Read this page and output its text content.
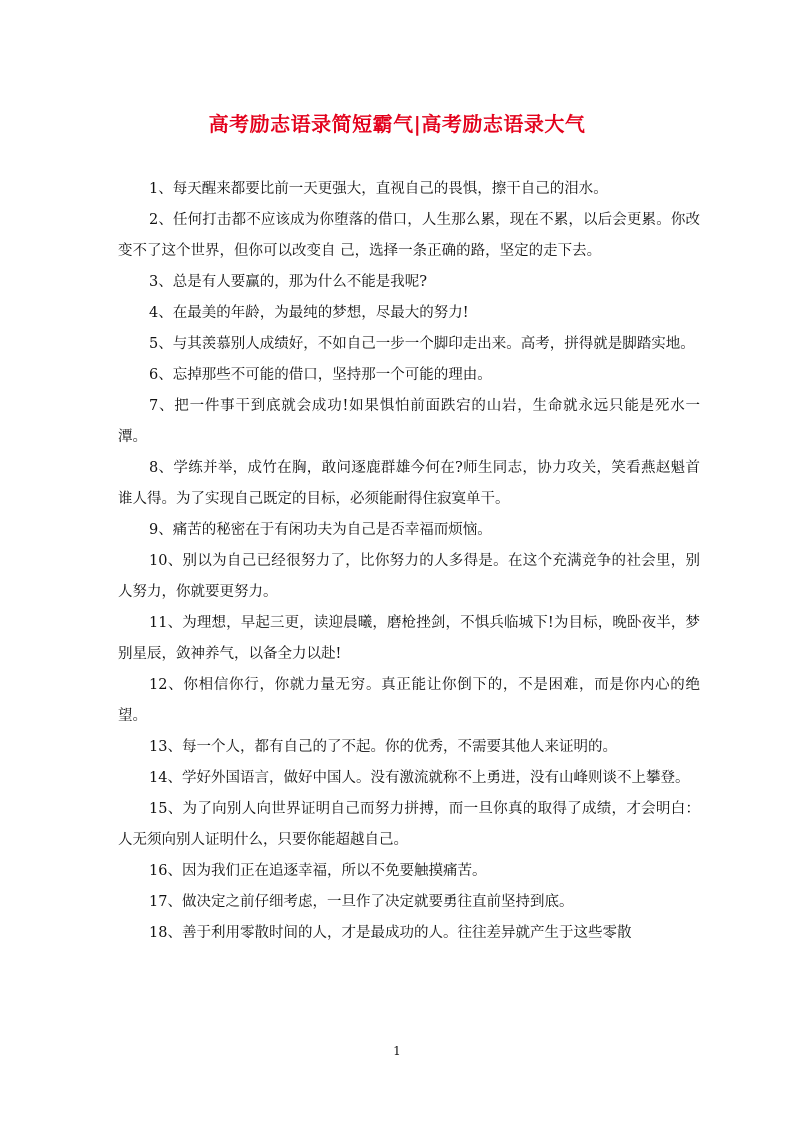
高考励志语录简短霸气|高考励志语录大气

1、每天醒来都要比前一天更强大，直视自己的畏惧，擦干自己的泪水。

2、任何打击都不应该成为你堕落的借口，人生那么累，现在不累，以后会更累。你改变不了这个世界，但你可以改变自 己，选择一条正确的路，坚定的走下去。

3、总是有人要赢的，那为什么不能是我呢?

4、在最美的年龄，为最纯的梦想，尽最大的努力!

5、与其羡慕别人成绩好，不如自己一步一个脚印走出来。高考，拼得就是脚踏实地。

6、忘掉那些不可能的借口，坚持那一个可能的理由。

7、把一件事干到底就会成功!如果惧怕前面跌宕的山岩，生命就永远只能是死水一潭。

8、学练并举，成竹在胸，敢问逐鹿群雄今何在?师生同志，协力攻关，笑看燕赵魁首谁人得。为了实现自己既定的目标，必须能耐得住寂寞单干。

9、痛苦的秘密在于有闲功夫为自己是否幸福而烦恼。

10、别以为自己已经很努力了，比你努力的人多得是。在这个充满竞争的社会里，别人努力，你就要更努力。

11、为理想，早起三更，读迎晨曦，磨枪挫剑，不惧兵临城下!为目标，晚卧夜半，梦别星辰，敛神养气，以备全力以赴!

12、你相信你行，你就力量无穷。真正能让你倒下的，不是困难，而是你内心的绝望。

13、每一个人，都有自己的了不起。你的优秀，不需要其他人来证明的。

14、学好外国语言，做好中国人。没有激流就称不上勇进，没有山峰则谈不上攀登。

15、为了向别人向世界证明自己而努力拼搏，而一旦你真的取得了成绩，才会明白：人无须向别人证明什么，只要你能超越自己。

16、因为我们正在追逐幸福，所以不免要触摸痛苦。

17、做决定之前仔细考虑，一旦作了决定就要勇往直前坚持到底。

18、善于利用零散时间的人，才是最成功的人。往往差异就产生于这些零散

1
